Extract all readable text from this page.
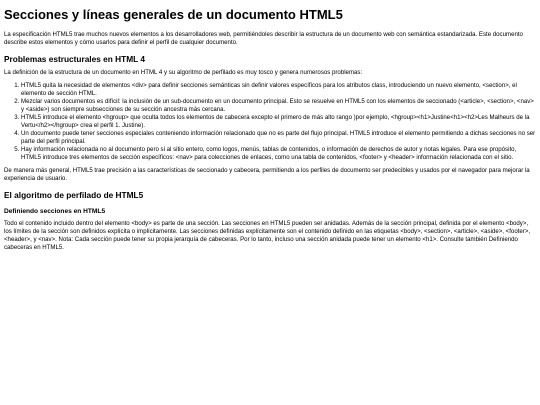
Secciones y líneas generales de un documento HTML5

La especificación HTML5 trae muchos nuevos elementos a los desarrolladores web, permitiéndoles describir la estructura de un documento web con semántica estandarizada. Este documento describe estos elementos y cómo usarlos para definir el perfil de cualquier documento.

Problemas estructurales en HTML 4

La definición de la estructura de un documento en HTML 4 y su algoritmo de perfilado es muy tosco y genera numerosos problemas:

1. HTML5 quita la necesidad de elementos <div> para definir secciones semánticas sin definir valores específicos para los atributos class, introduciendo un nuevo elemento, <section>, el elemento de sección HTML.
2. Mezclar varios documentos es difícil: la inclusión de un sub-documento en un documento principal. Esto se resuelve en HTML5 con los elementos de seccionado (<article>, <section>, <nav> y <aside>) son siempre subsecciones de su sección ancestra más cercana.
3. HTML5 introduce el elemento <hgroup> que oculta todos los elementos de cabecera excepto el primero de más alto rango )por ejemplo, <hgroup><h1>Justine<h1><h2>Les Malheurs de la Vertu</h2></hgroup> crea el perfil 1. Justine).
4. Un documento puede tener secciones especiales conteniendo información relacionado que no es parte del flujo principal. HTML5 introduce el elemento permitiendo a dichas secciones no ser parte del perfil principal.
5. Hay información relacionada no al documento pero si al sitio entero, como logos, menús, tablas de contenidos, o información de derechos de autor y notas legales. Para ese propósito, HTML5 introduce tres elementos de sección específicos: <nav> para colecciones de enlaces, como una tabla de contenidos, <footer> y <header> información relacionada con el sitio.

De manera más general, HTML5 trae precisión a las características de seccionado y cabecera, permitiendo a los perfiles de documento ser predecibles y usados por el navegador para mejorar la experiencia de usuario.

El algoritmo de perfilado de HTML5
Definiendo secciones en HTML5

Todo el contenido incluido dentro del elemento <body> es parte de una sección. Las secciones en HTML5 pueden ser anidadas. Además de la sección principal, definida por el elemento <body>, los límites de la sección son definidos explícita o implícitamente. Las secciones definidas explícitamente son el contenido definido en las etiquetas <body>, <section>, <article>, <aside>, <footer>, <header>, y <nav>. Nota: Cada sección puede tener su propia jerarquía de cabeceras. Por lo tanto, incluso una sección anidada puede tener un elemento <h1>. Consulte también Definiendo cabeceras en HTML5.
